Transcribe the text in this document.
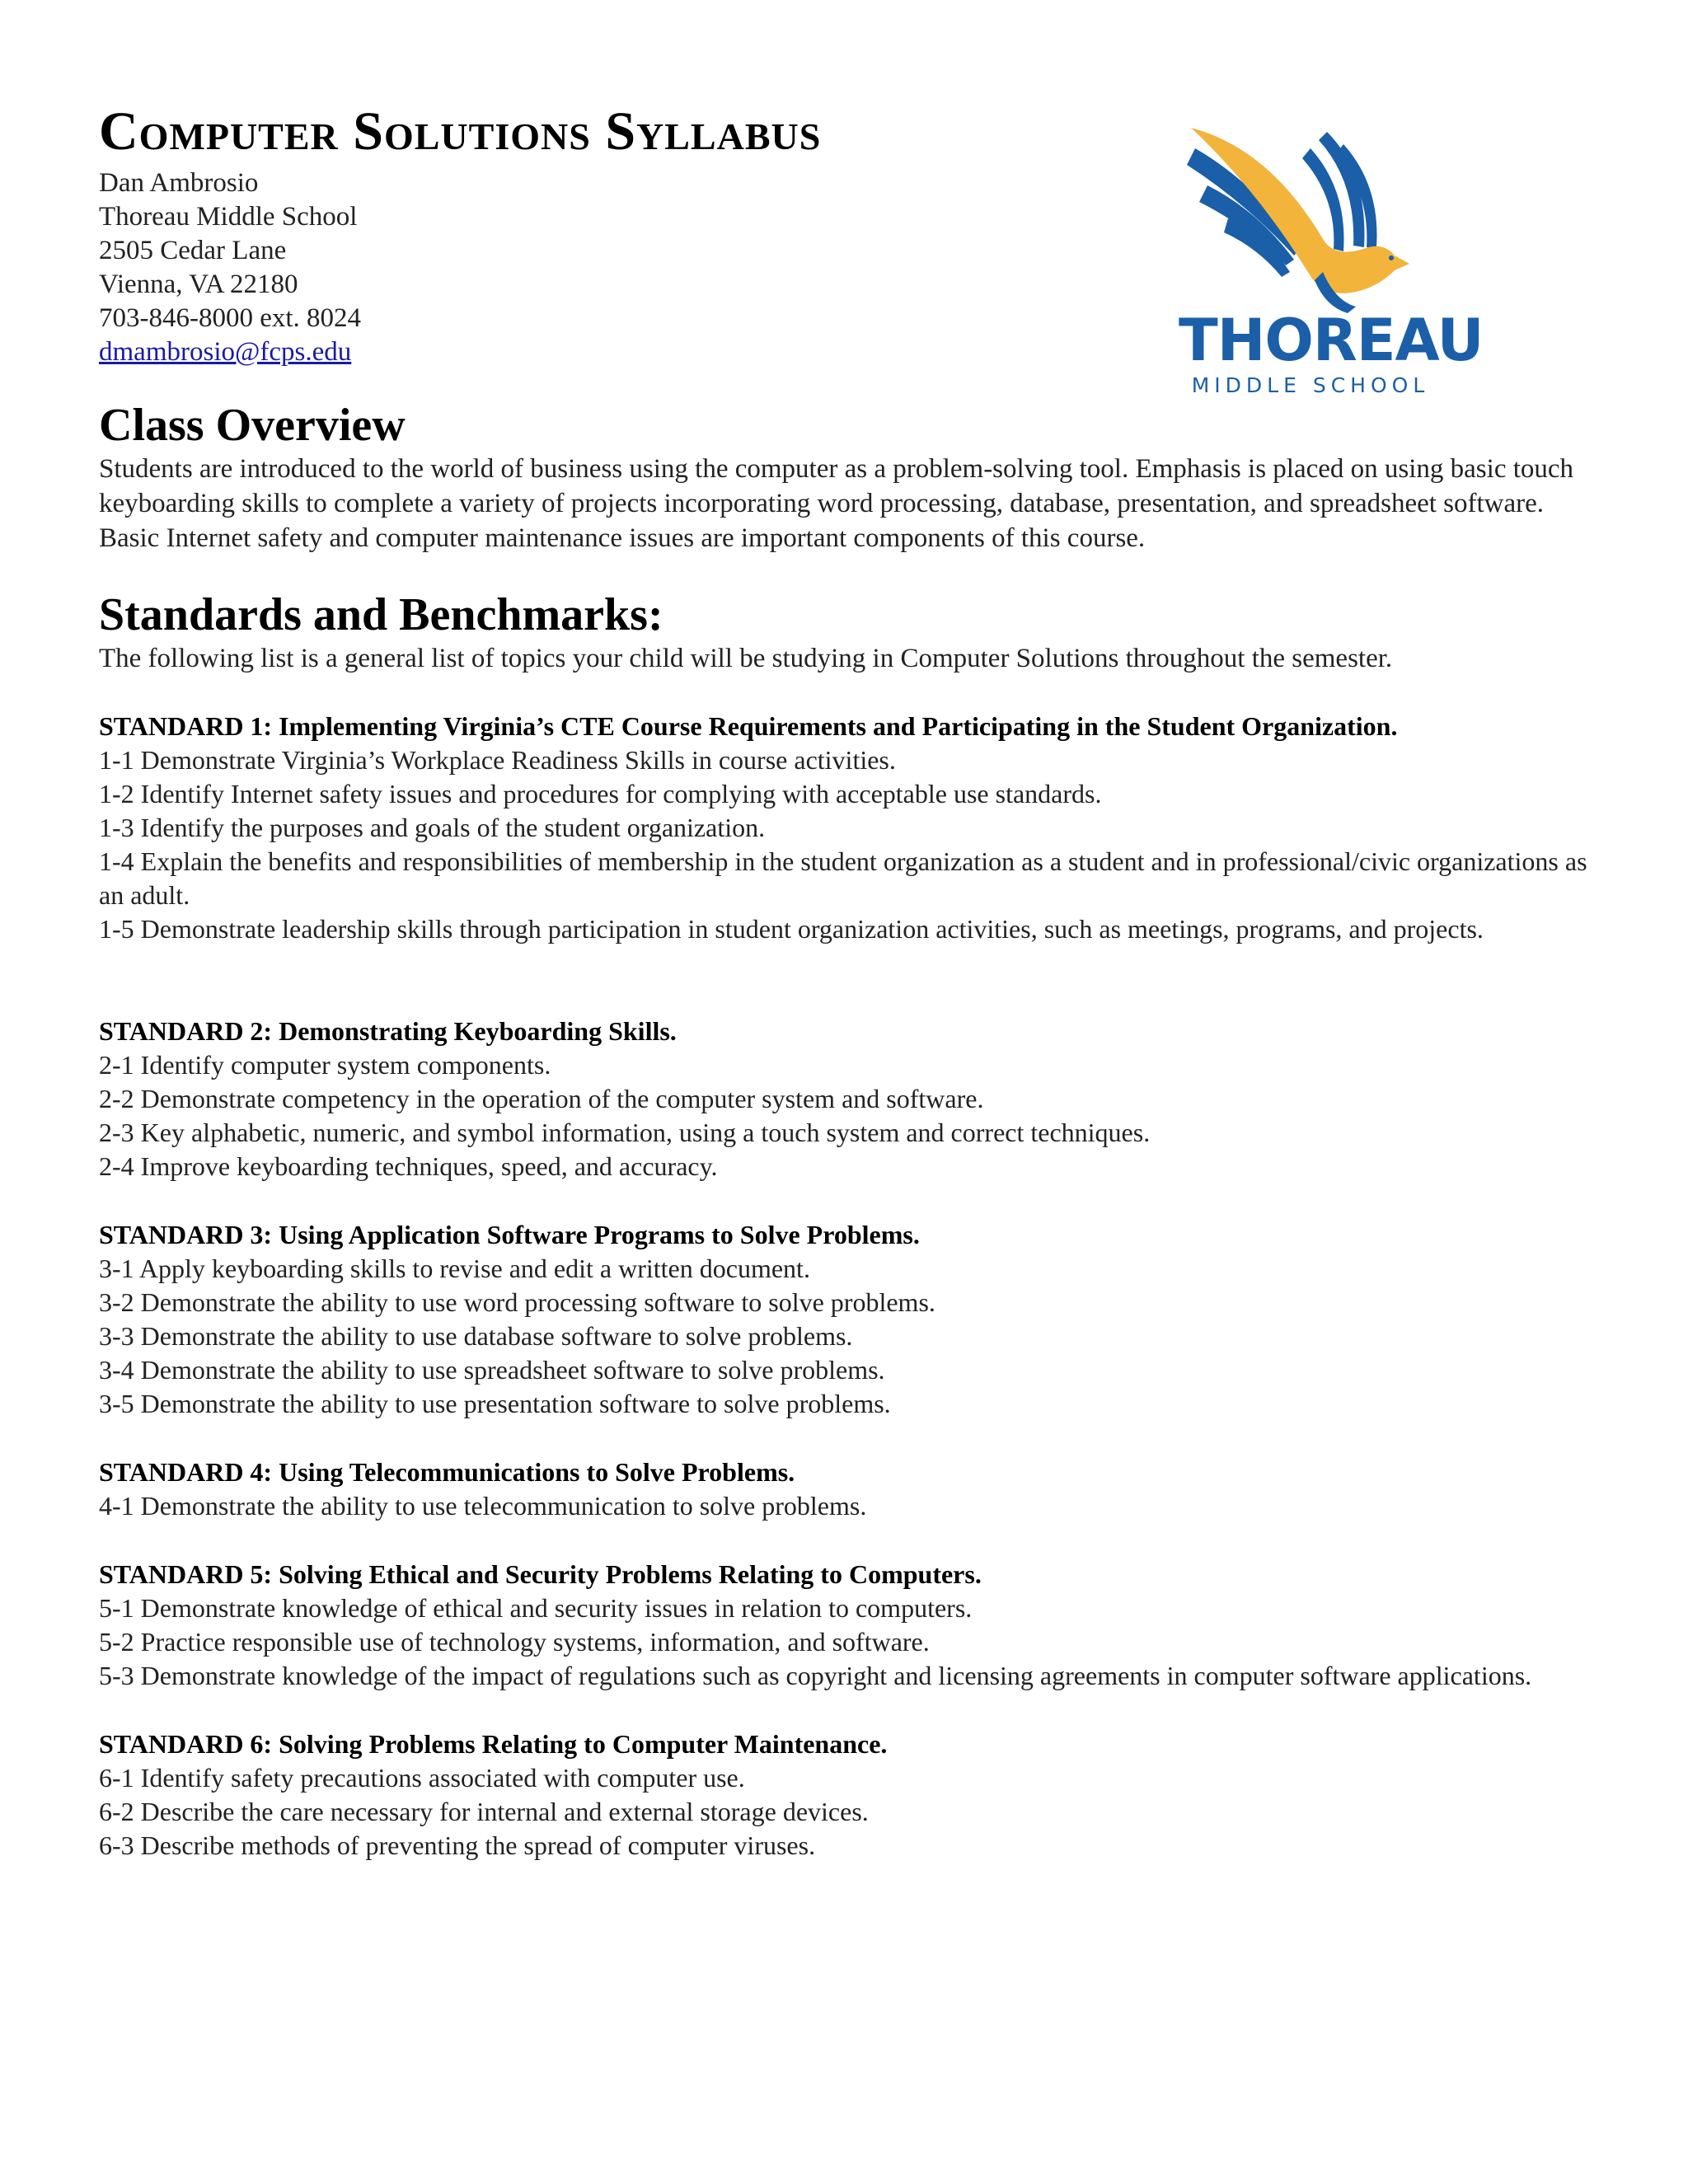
Computer Solutions Syllabus
Dan Ambrosio
Thoreau Middle School
2505 Cedar Lane
Vienna, VA 22180
703-846-8000 ext. 8024
dmambrosio@fcps.edu
Class Overview
Students are introduced to the world of business using the computer as a problem-solving tool. Emphasis is placed on using basic touch keyboarding skills to complete a variety of projects incorporating word processing, database, presentation, and spreadsheet software. Basic Internet safety and computer maintenance issues are important components of this course.
Standards and Benchmarks:
The following list is a general list of topics your child will be studying in Computer Solutions throughout the semester.
STANDARD 1: Implementing Virginia’s CTE Course Requirements and Participating in the Student Organization.
1-1 Demonstrate Virginia’s Workplace Readiness Skills in course activities.
1-2 Identify Internet safety issues and procedures for complying with acceptable use standards.
1-3 Identify the purposes and goals of the student organization.
1-4 Explain the benefits and responsibilities of membership in the student organization as a student and in professional/civic organizations as an adult.
1-5 Demonstrate leadership skills through participation in student organization activities, such as meetings, programs, and projects.
STANDARD 2: Demonstrating Keyboarding Skills.
2-1 Identify computer system components.
2-2 Demonstrate competency in the operation of the computer system and software.
2-3 Key alphabetic, numeric, and symbol information, using a touch system and correct techniques.
2-4 Improve keyboarding techniques, speed, and accuracy.
STANDARD 3: Using Application Software Programs to Solve Problems.
3-1 Apply keyboarding skills to revise and edit a written document.
3-2 Demonstrate the ability to use word processing software to solve problems.
3-3 Demonstrate the ability to use database software to solve problems.
3-4 Demonstrate the ability to use spreadsheet software to solve problems.
3-5 Demonstrate the ability to use presentation software to solve problems.
STANDARD 4: Using Telecommunications to Solve Problems.
4-1 Demonstrate the ability to use telecommunication to solve problems.
STANDARD 5: Solving Ethical and Security Problems Relating to Computers.
5-1 Demonstrate knowledge of ethical and security issues in relation to computers.
5-2 Practice responsible use of technology systems, information, and software.
5-3 Demonstrate knowledge of the impact of regulations such as copyright and licensing agreements in computer software applications.
STANDARD 6: Solving Problems Relating to Computer Maintenance.
6-1 Identify safety precautions associated with computer use.
6-2 Describe the care necessary for internal and external storage devices.
6-3 Describe methods of preventing the spread of computer viruses.
THOREAU
MIDDLE SCHOOL
